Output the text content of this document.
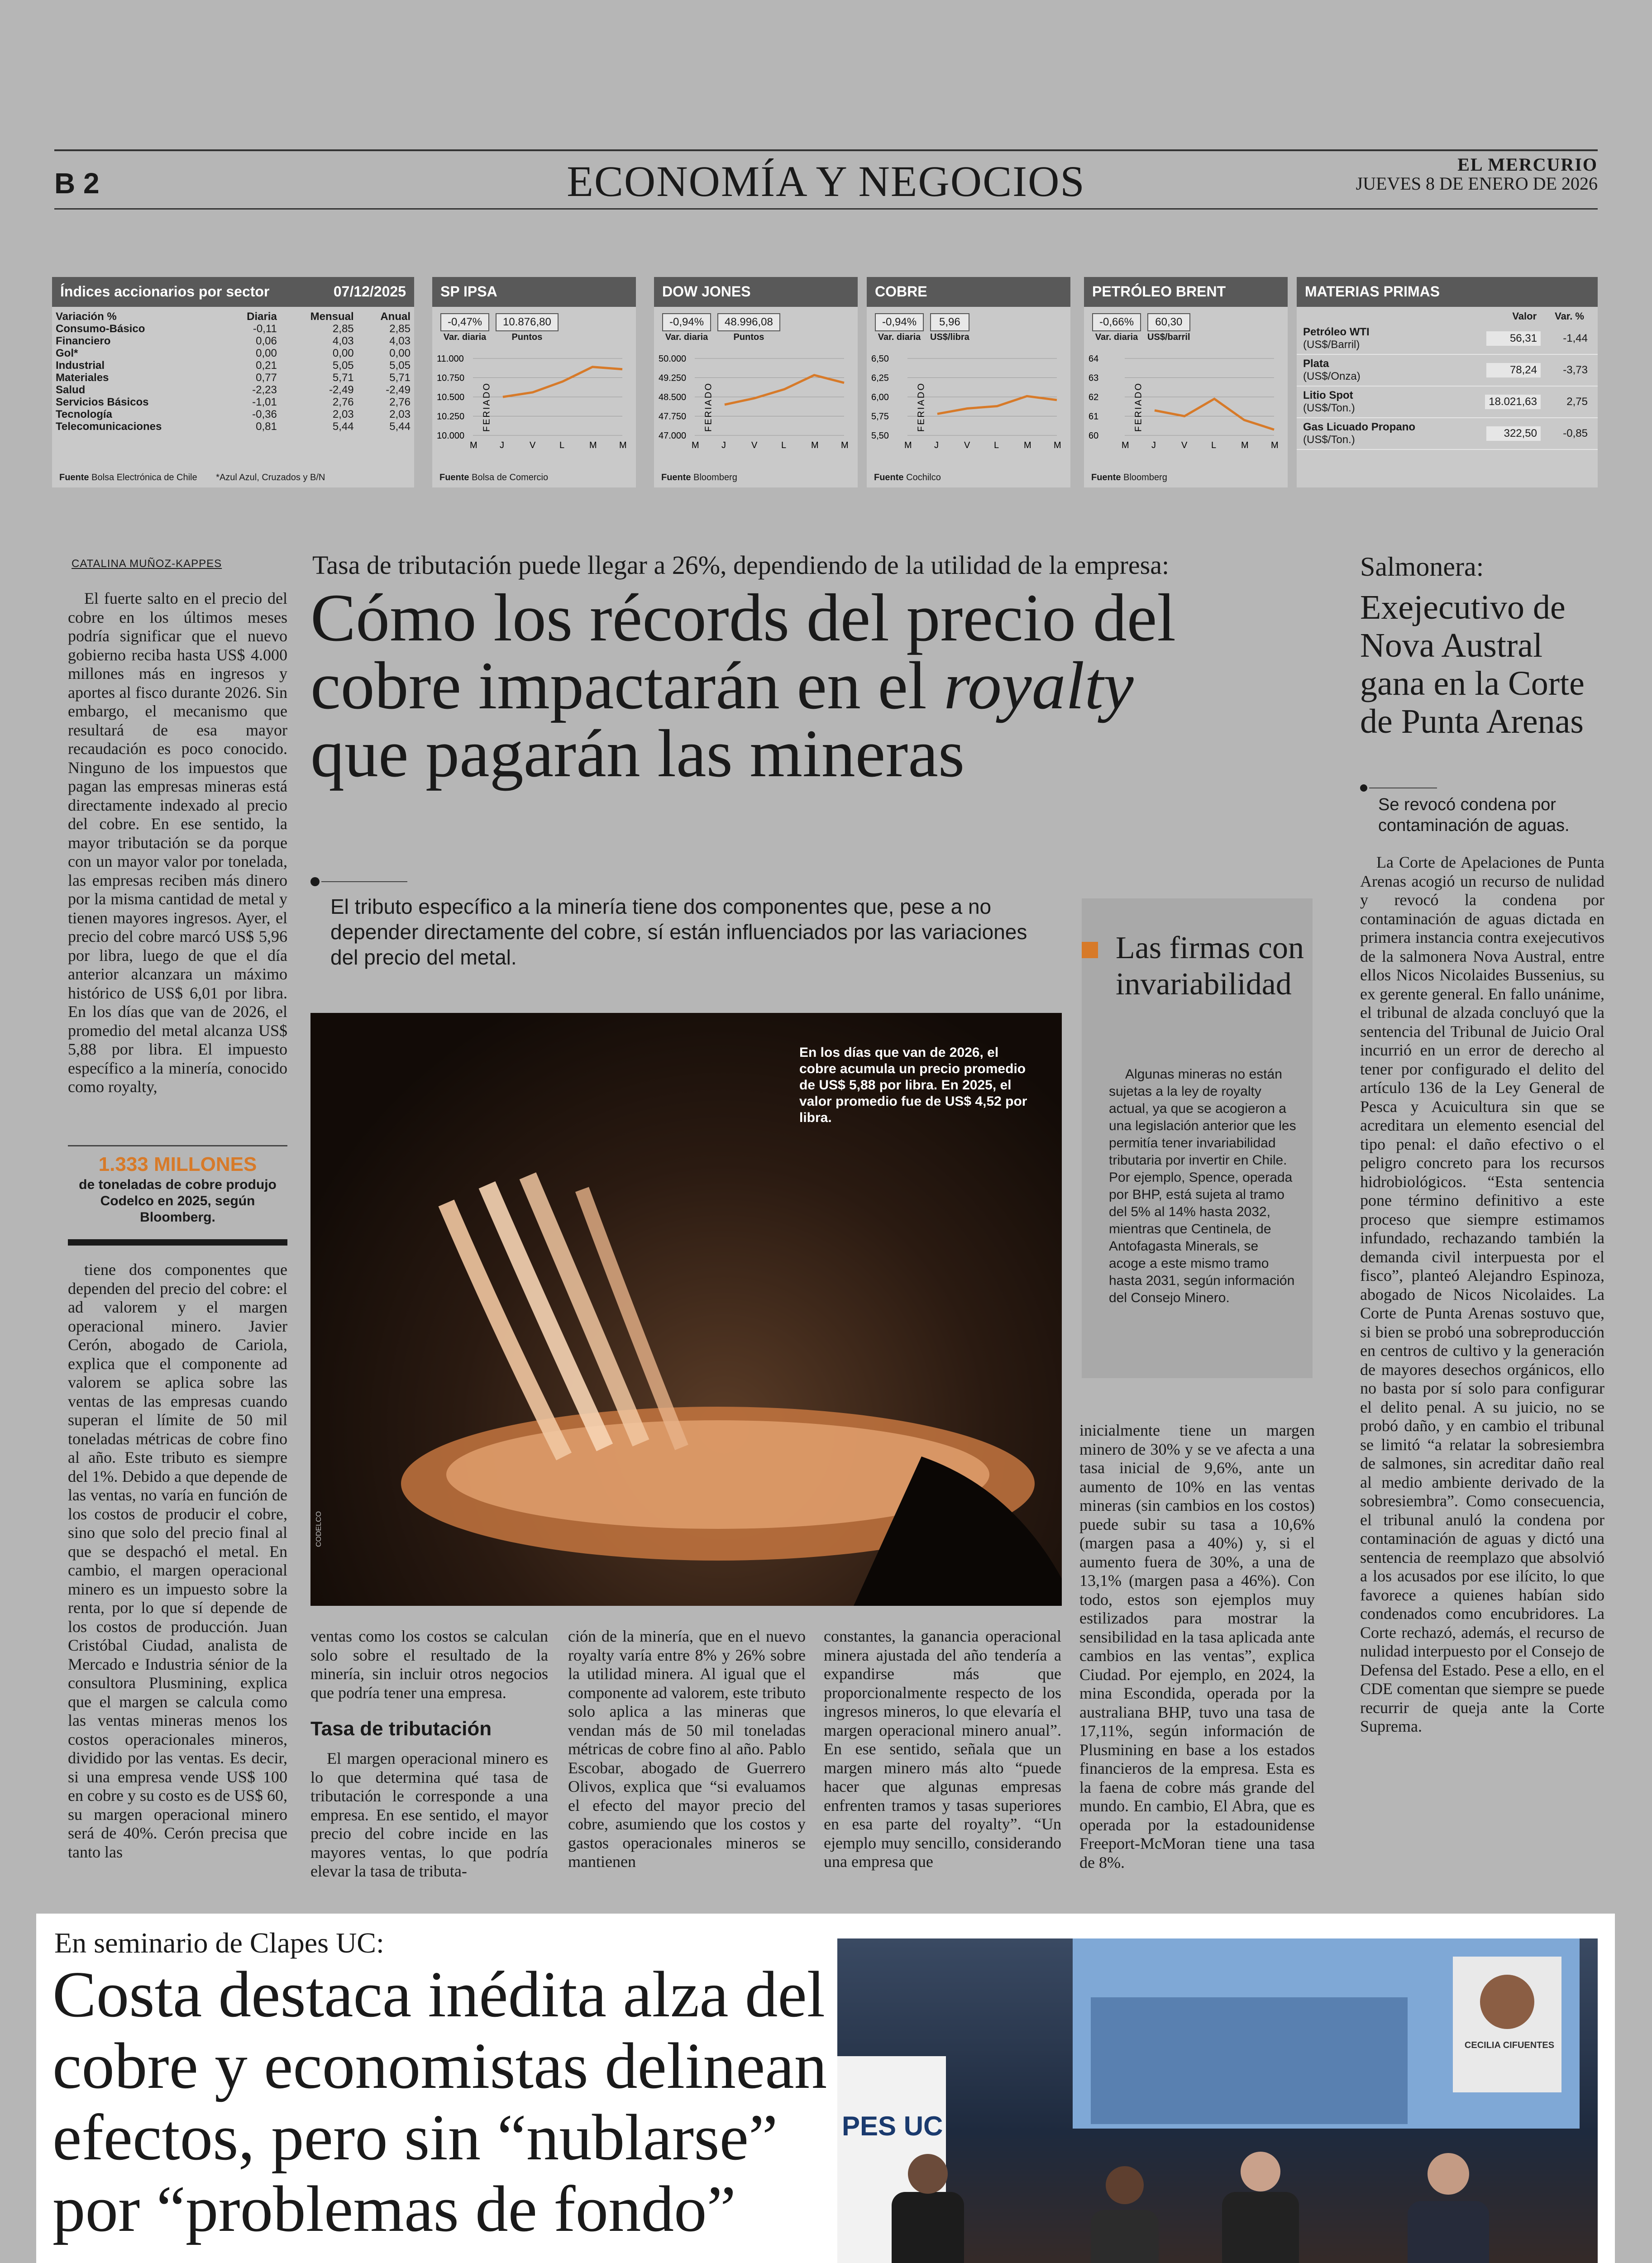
B 2	ECONOMÍA Y NEGOCIOS	EL MERCURIO
JUEVES 8 DE ENERO DE 2026
Índices accionarios por sector	07/12/2025
Variación %	Diaria	Mensual	Anual
Consumo-Básico	-0,11	2,85	2,85
Financiero	0,06	4,03	4,03
Gol*	0,00	0,00	0,00
Industrial	0,21	5,05	5,05
Materiales	0,77	5,71	5,71
Salud	-2,23	-2,49	-2,49
Servicios Básicos	-1,01	2,76	2,76
Tecnología	-0,36	2,03	2,03
Telecomunicaciones	0,81	5,44	5,44
Fuente Bolsa Electrónica de Chile *Azul Azul, Cruzados y B/N
SP IPSA
-0,47%
Var. diaria
10.876,80
Puntos
11.000
10.750
10.500
10.250
10.000
M J	V	L	M M
FERIADO
Fuente Bolsa de Comercio
DOW JONES
-0,94%
Var. diaria
48.996,08
Puntos
50.000
49.250
48.500
47.750
47.000
M J	V	L	M M
FERIADO
Fuente Bloomberg
COBRE
-0,94%
Var. diaria
5,96
US$/libra
6,50
6,25
6,00
5,75
5,50
M J	V	L	M M
FERIADO
Fuente Cochilco
PETRÓLEO BRENT
-0,66%
Var. diaria
60,30
US$/barril
64
63
62
61
60
M J	V	L	M M
FERIADO
Fuente Bloomberg
MATERIAS PRIMAS
Valor Var. %
Petróleo WTI
(US$/Barril)
56,31	-1,44
Plata
(US$/Onza)
78,24	-3,73
Litio Spot
(US$/Ton.)
18.021,63	2,75
Gas Licuado Propano
(US$/Ton.)
322,50	-0,85
CATALINA MUÑOZ-KAPPES

El fuerte salto en el precio del cobre en los últimos meses podría significar que el nuevo gobierno reciba hasta US$ 4.000 millones más en ingresos y aportes al fisco durante 2026. Sin embargo, el mecanismo que resultará de esa mayor recaudación es poco conocido. Ninguno de los impuestos que pagan las empresas mineras está directamente indexado al precio del cobre. En ese sentido, la mayor tributación se da porque con un mayor valor por tonelada, las empresas reciben más dinero por la misma cantidad de metal y tienen mayores ingresos. Ayer, el precio del cobre marcó US$ 5,96 por libra, luego de que el día anterior alcanzara un máximo histórico de US$ 6,01 por libra. En los días que van de 2026, el promedio del metal alcanza US$ 5,88 por libra. El impuesto específico a la minería, conocido como royalty,

1.333 MILLONES
de toneladas de cobre produjo Codelco en 2025, según Bloomberg.

tiene dos componentes que dependen del precio del cobre: el ad valorem y el margen operacional minero. Javier Cerón, abogado de Cariola, explica que el componente ad valorem se aplica sobre las ventas de las empresas cuando superan el límite de 50 mil toneladas métricas de cobre fino al año. Este tributo es siempre del 1%. Debido a que depende de las ventas, no varía en función de los costos de producir el cobre, sino que solo del precio final al que se despachó el metal. En cambio, el margen operacional minero es un impuesto sobre la renta, por lo que sí depende de los costos de producción. Juan Cristóbal Ciudad, analista de Mercado e Industria sénior de la consultora Plusmining, explica que el margen se calcula como las ventas mineras menos los costos operacionales mineros, dividido por las ventas. Es decir, si una empresa vende US$ 100 en cobre y su costo es de US$ 60, su margen operacional minero será de 40%. Cerón precisa que tanto las

Tasa de tributación puede llegar a 26%, dependiendo de la utilidad de la empresa:
Cómo los récords del precio del
cobre impactarán en el royalty
que pagarán las mineras
El tributo específico a la minería tiene dos componentes que, pese a no depender directamente del cobre, sí están influenciados por las variaciones del precio del metal.
En los días que van de 2026, el cobre acumula un precio promedio de US$ 5,88 por libra. En 2025, el valor promedio fue de US$ 4,52 por libra.
CODELCO
Las firmas con invariabilidad

Algunas mineras no están sujetas a la ley de royalty actual, ya que se acogieron a una legislación anterior que les permitía tener invariabilidad tributaria por invertir en Chile. Por ejemplo, Spence, operada por BHP, está sujeta al tramo del 5% al 14% hasta 2032, mientras que Centinela, de Antofagasta Minerals, se acoge a este mismo tramo hasta 2031, según información del Consejo Minero.

ventas como los costos se calculan solo sobre el resultado de la minería, sin incluir otros negocios que podría tener una empresa.

Tasa de tributación

El margen operacional minero es lo que determina qué tasa de tributación le corresponde a una empresa. En ese sentido, el mayor precio del cobre incide en las mayores ventas, lo que podría elevar la tasa de tributa-

ción de la minería, que en el nuevo royalty varía entre 8% y 26% sobre la utilidad minera. Al igual que el componente ad valorem, este tributo solo aplica a las mineras que vendan más de 50 mil toneladas métricas de cobre fino al año. Pablo Escobar, abogado de Guerrero Olivos, explica que “si evaluamos el efecto del mayor precio del cobre, asumiendo que los costos y gastos operacionales mineros se mantienen

constantes, la ganancia operacional minera ajustada del año tendería a expandirse más que proporcionalmente respecto de los ingresos mineros, lo que elevaría el margen operacional minero anual”. En ese sentido, señala que un margen minero más alto “puede hacer que algunas empresas enfrenten tramos y tasas superiores en esa parte del royalty”. “Un ejemplo muy sencillo, considerando una empresa que

inicialmente tiene un margen minero de 30% y se ve afecta a una tasa inicial de 9,6%, ante un aumento de 10% en las ventas mineras (sin cambios en los costos) puede subir su tasa a 10,6% (margen pasa a 40%) y, si el aumento fuera de 30%, a una de 13,1% (margen pasa a 46%). Con todo, estos son ejemplos muy estilizados para mostrar la sensibilidad en la tasa aplicada ante cambios en las ventas”, explica Ciudad. Por ejemplo, en 2024, la mina Escondida, operada por la australiana BHP, tuvo una tasa de 17,11%, según información de Plusmining en base a los estados financieros de la empresa. Esta es la faena de cobre más grande del mundo. En cambio, El Abra, que es operada por la estadounidense Freeport-McMoran tiene una tasa de 8%.

Salmonera:
Exejecutivo de Nova Austral gana en la Corte de Punta Arenas
Se revocó condena por contaminación de aguas.

La Corte de Apelaciones de Punta Arenas acogió un recurso de nulidad y revocó la condena por contaminación de aguas dictada en primera instancia contra exejecutivos de la salmonera Nova Austral, entre ellos Nicos Nicolaides Bussenius, su ex gerente general. En fallo unánime, el tribunal de alzada concluyó que la sentencia del Tribunal de Juicio Oral incurrió en un error de derecho al tener por configurado el delito del artículo 136 de la Ley General de Pesca y Acuicultura sin que se acreditara un elemento esencial del tipo penal: el daño efectivo o el peligro concreto para los recursos hidrobiológicos. “Esta sentencia pone término definitivo a este proceso que siempre estimamos infundado, rechazando también la demanda civil interpuesta por el fisco”, planteó Alejandro Espinoza, abogado de Nicos Nicolaides. La Corte de Punta Arenas sostuvo que, si bien se probó una sobreproducción en centros de cultivo y la generación de mayores desechos orgánicos, ello no basta por sí solo para configurar el delito penal. A su juicio, no se probó daño, y en cambio el tribunal se limitó “a relatar la sobresiembra de salmones, sin acreditar daño real al medio ambiente derivado de la sobresiembra”. Como consecuencia, el tribunal anuló la condena por contaminación de aguas y dictó una sentencia de reemplazo que absolvió a los acusados por ese ilícito, lo que favorece a quienes habían sido condenados como encubridores. La Corte rechazó, además, el recurso de nulidad interpuesto por el Consejo de Defensa del Estado. Pese a ello, en el CDE comentan que siempre se puede recurrir de queja ante la Corte Suprema.

En seminario de Clapes UC:
Costa destaca inédita alza del cobre y economistas delinean efectos, pero sin “nublarse” por “problemas de fondo”
PES UC
CECILIA CIFUENTES
